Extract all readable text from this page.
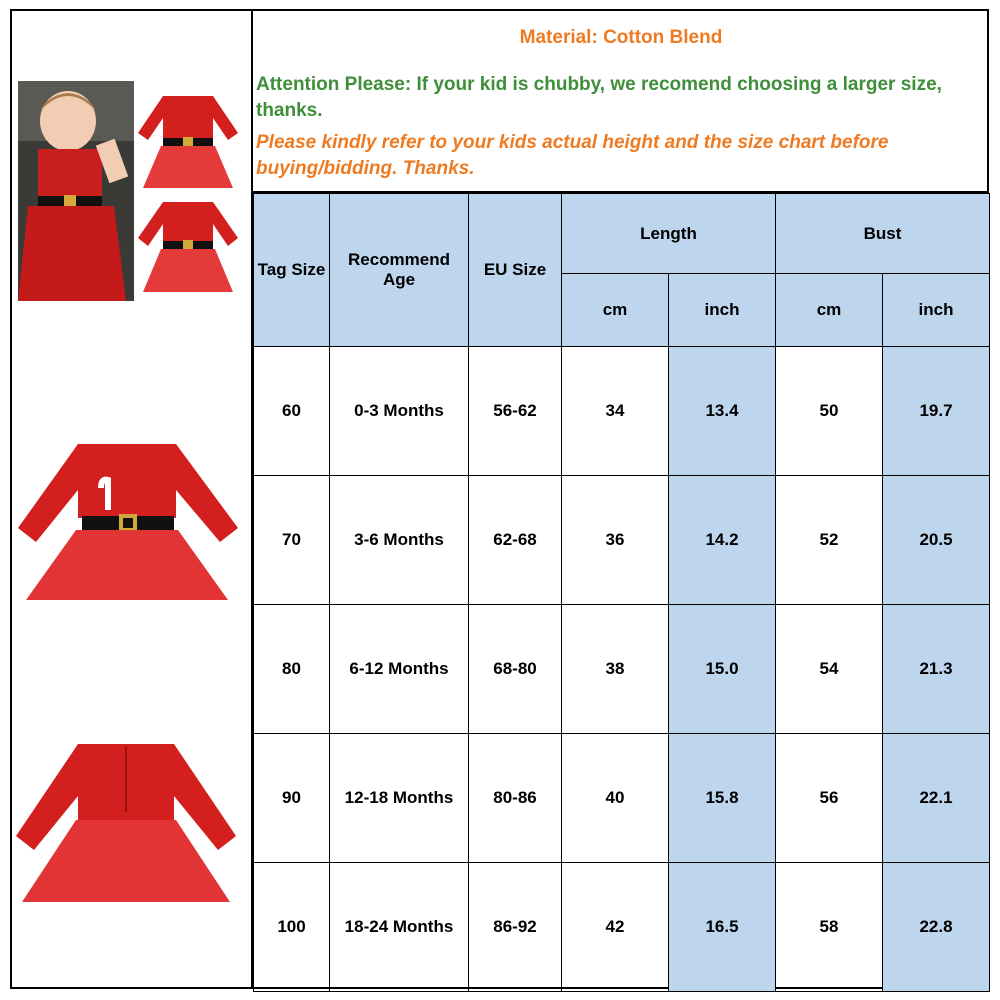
Material: Cotton Blend
Attention Please: If your kid is chubby, we recomend choosing a larger size, thanks.
Please kindly refer to your kids actual height and the size chart before buying/bidding. Thanks.
Tag Size	Recommend Age	EU Size	Length		Bust	
			cm	inch	cm	inch
60	0-3 Months	56-62	34	13.4	50	19.7
70	3-6 Months	62-68	36	14.2	52	20.5
80	6-12 Months	68-80	38	15.0	54	21.3
90	12-18 Months	80-86	40	15.8	56	22.1
100	18-24 Months	86-92	42	16.5	58	22.8
